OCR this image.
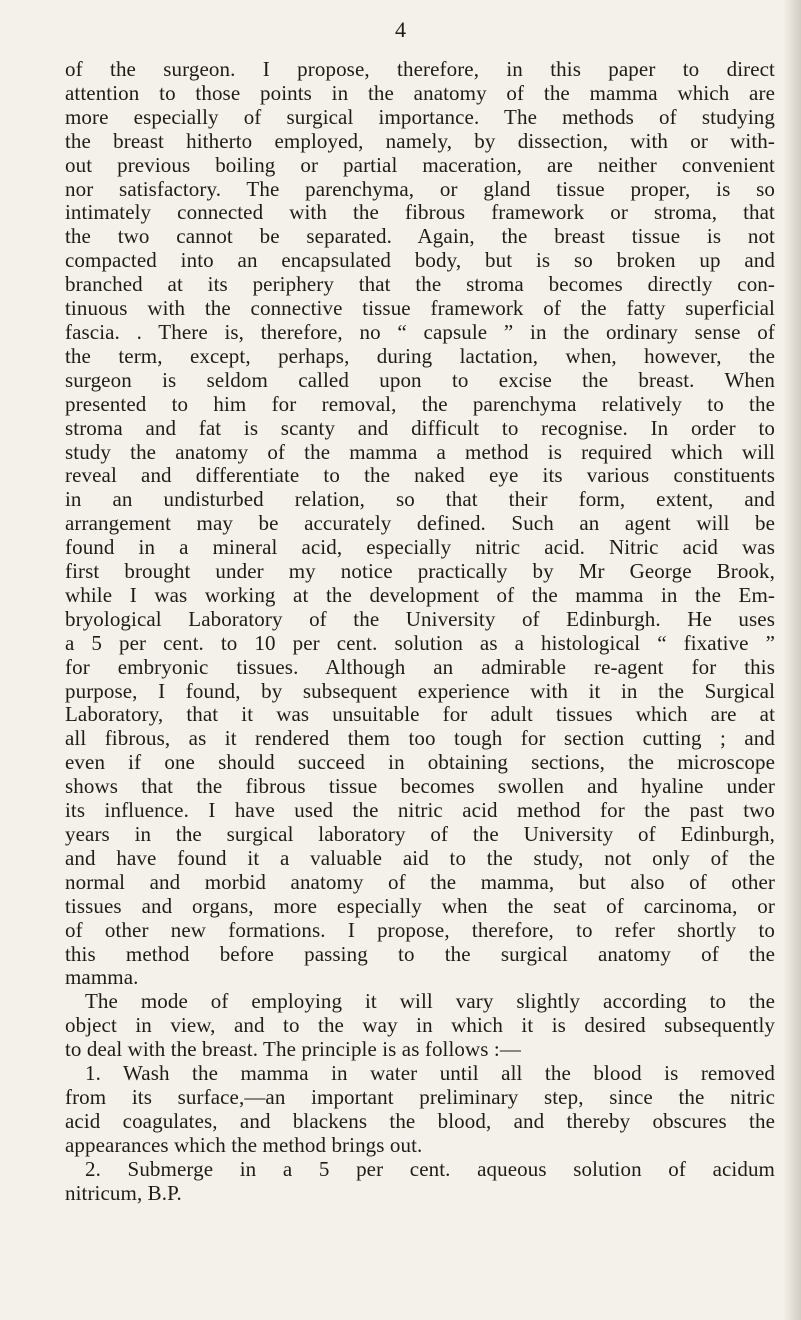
4
of the surgeon. I propose, therefore, in this paper to direct
attention to those points in the anatomy of the mamma which are
more especially of surgical importance. The methods of studying
the breast hitherto employed, namely, by dissection, with or with-
out previous boiling or partial maceration, are neither convenient
nor satisfactory. The parenchyma, or gland tissue proper, is so
intimately connected with the fibrous framework or stroma, that
the two cannot be separated. Again, the breast tissue is not
compacted into an encapsulated body, but is so broken up and
branched at its periphery that the stroma becomes directly con-
tinuous with the connective tissue framework of the fatty superficial
fascia. . There is, therefore, no “ capsule ” in the ordinary sense of
the term, except, perhaps, during lactation, when, however, the
surgeon is seldom called upon to excise the breast. When
presented to him for removal, the parenchyma relatively to the
stroma and fat is scanty and difficult to recognise. In order to
study the anatomy of the mamma a method is required which will
reveal and differentiate to the naked eye its various constituents
in an undisturbed relation, so that their form, extent, and
arrangement may be accurately defined. Such an agent will be
found in a mineral acid, especially nitric acid. Nitric acid was
first brought under my notice practically by Mr George Brook,
while I was working at the development of the mamma in the Em-
bryological Laboratory of the University of Edinburgh. He uses
a 5 per cent. to 10 per cent. solution as a histological “ fixative ”
for embryonic tissues. Although an admirable re-agent for this
purpose, I found, by subsequent experience with it in the Surgical
Laboratory, that it was unsuitable for adult tissues which are at
all fibrous, as it rendered them too tough for section cutting ; and
even if one should succeed in obtaining sections, the microscope
shows that the fibrous tissue becomes swollen and hyaline under
its influence. I have used the nitric acid method for the past two
years in the surgical laboratory of the University of Edinburgh,
and have found it a valuable aid to the study, not only of the
normal and morbid anatomy of the mamma, but also of other
tissues and organs, more especially when the seat of carcinoma, or
of other new formations. I propose, therefore, to refer shortly to
this method before passing to the surgical anatomy of the
mamma.
The mode of employing it will vary slightly according to the
object in view, and to the way in which it is desired subsequently
to deal with the breast. The principle is as follows :—
1. Wash the mamma in water until all the blood is removed
from its surface,—an important preliminary step, since the nitric
acid coagulates, and blackens the blood, and thereby obscures the
appearances which the method brings out.
2. Submerge in a 5 per cent. aqueous solution of acidum
nitricum, B.P.
